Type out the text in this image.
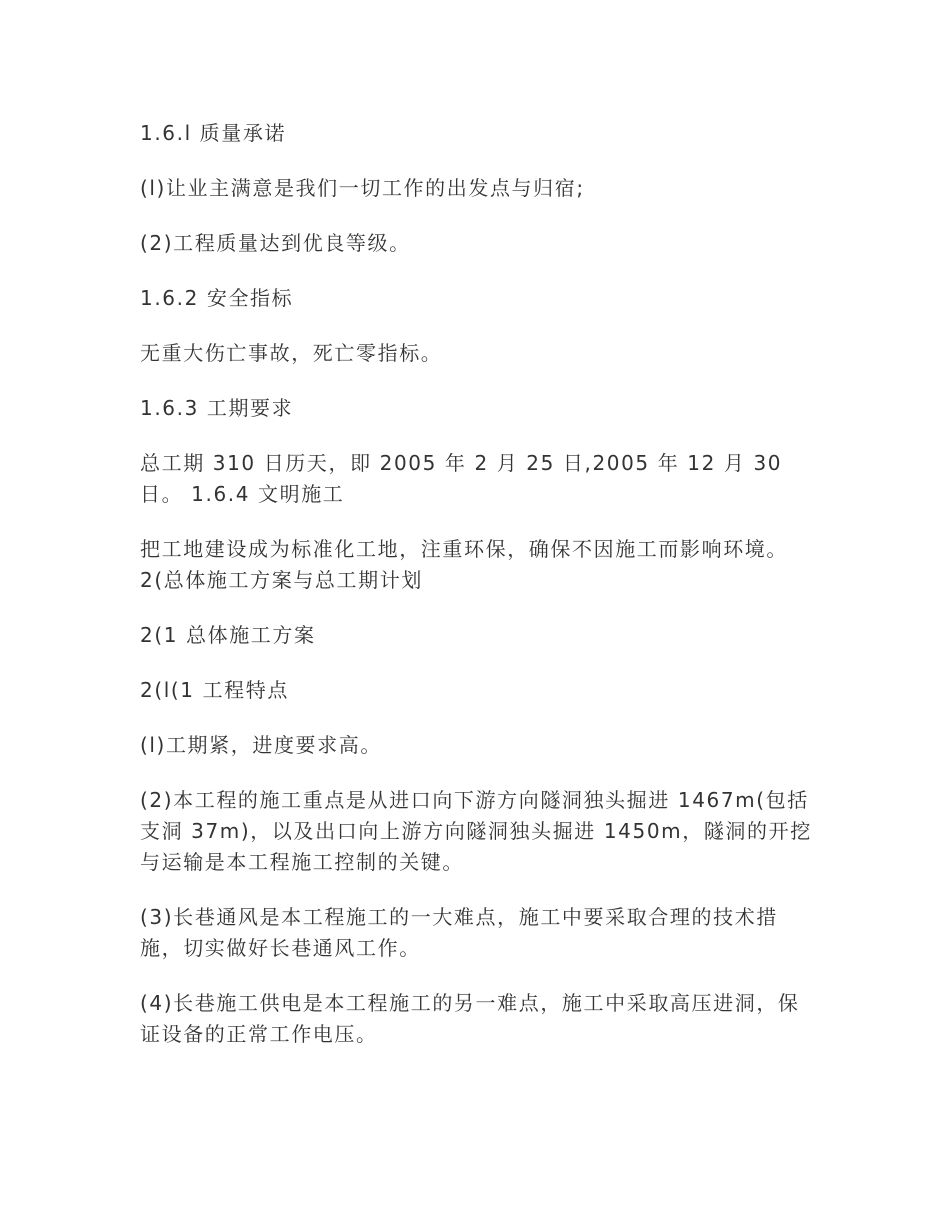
1.6.l 质量承诺

(l)让业主满意是我们一切工作的出发点与归宿;

(2)工程质量达到优良等级。

1.6.2 安全指标

无重大伤亡事故，死亡零指标。

1.6.3 工期要求

总工期 310 日历天，即 2005 年 2 月 25 日,2005 年 12 月 30 日。 1.6.4 文明施工

把工地建设成为标准化工地，注重环保，确保不因施工而影响环境。 2(总体施工方案与总工期计划

2(1 总体施工方案

2(l(1 工程特点

(l)工期紧，进度要求高。

(2)本工程的施工重点是从进口向下游方向隧洞独头掘进 1467m(包括支洞 37m)，以及出口向上游方向隧洞独头掘进 1450m，隧洞的开挖与运输是本工程施工控制的关键。

(3)长巷通风是本工程施工的一大难点，施工中要采取合理的技术措施，切实做好长巷通风工作。

(4)长巷施工供电是本工程施工的另一难点，施工中采取高压进洞，保证设备的正常工作电压。
